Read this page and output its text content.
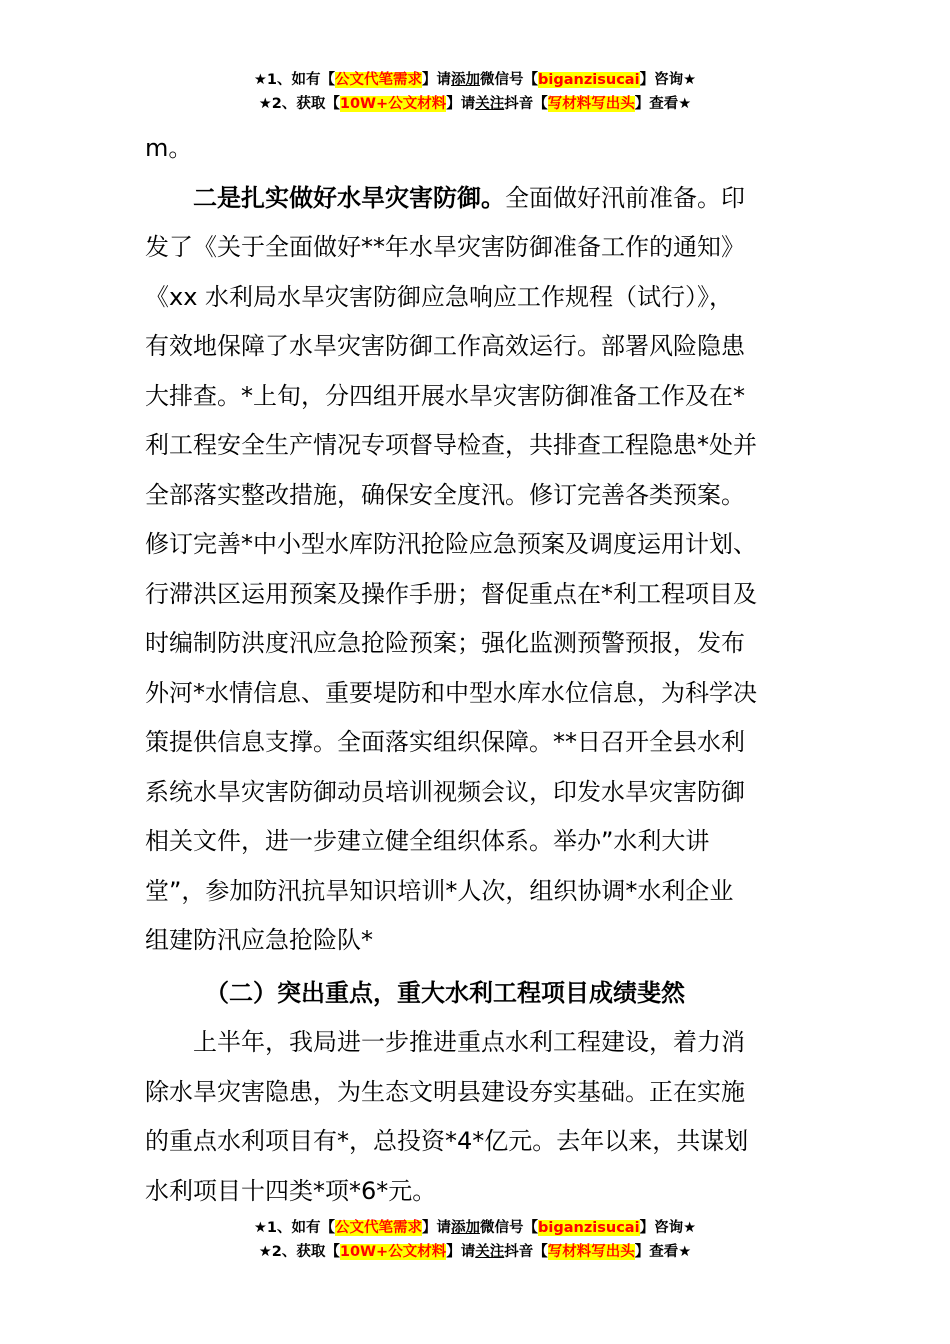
★1、如有【公文代笔需求】请添加微信号【biganzisucai】咨询★
★2、获取【10W+公文材料】请关注抖音【写材料写出头】查看★

m。

二是扎实做好水旱灾害防御。全面做好汛前准备。印

发了《关于全面做好**年水旱灾害防御准备工作的通知》

《xx 水利局水旱灾害防御应急响应工作规程（试行）》，

有效地保障了水旱灾害防御工作高效运行。部署风险隐患

大排查。*上旬，分四组开展水旱灾害防御准备工作及在*

利工程安全生产情况专项督导检查，共排查工程隐患*处并

全部落实整改措施，确保安全度汛。修订完善各类预案。

修订完善*中小型水库防汛抢险应急预案及调度运用计划、

行滞洪区运用预案及操作手册；督促重点在*利工程项目及

时编制防洪度汛应急抢险预案；强化监测预警预报，发布

外河*水情信息、重要堤防和中型水库水位信息，为科学决

策提供信息支撑。全面落实组织保障。**日召开全县水利

系统水旱灾害防御动员培训视频会议，印发水旱灾害防御

相关文件，进一步建立健全组织体系。举办”水利大讲

堂”，参加防汛抗旱知识培训*人次，组织协调*水利企业

组建防汛应急抢险队*

（二）突出重点，重大水利工程项目成绩斐然

上半年，我局进一步推进重点水利工程建设，着力消

除水旱灾害隐患，为生态文明县建设夯实基础。正在实施

的重点水利项目有*，总投资*4*亿元。去年以来，共谋划

水利项目十四类*项*6*元。

★1、如有【公文代笔需求】请添加微信号【biganzisucai】咨询★
★2、获取【10W+公文材料】请关注抖音【写材料写出头】查看★
